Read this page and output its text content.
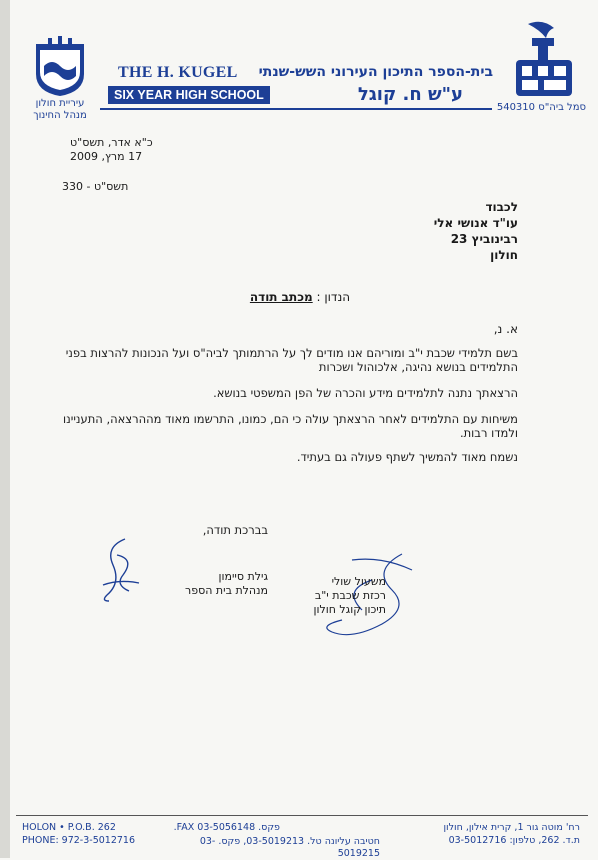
עיריית חולון
מנהל החינוך
THE H. KUGEL
SIX YEAR HIGH SCHOOL
בית-הספר התיכון העירוני השש-שנתי
ע"ש ח. קוגל
סמל ביה"ס 540310
כ"א אדר, תשס"ט
17 מרץ, 2009
תשס"ט - 330
לכבוד
עו"ד אנושי אלי
רבינוביץ 23
חולון
הנדון : מכתב תודה
א. נ,
בשם תלמידי שכבת י"ב ומוריהם אנו מודים לך על הרתמותך לביה"ס ועל הנכונות להרצות בפני התלמידים בנושא נהיגה, אלכוהול ושכרות
הרצאתך נתנה לתלמידים מידע והכרה של הפן המשפטי בנושא.
משיחות עם התלמידים לאחר הרצאתך עולה כי הם, כמונו, התרשמו מאוד מההרצאה, התעניינו ולמדו רבות.
נשמח מאוד להמשיך לשתף פעולה גם בעתיד.
בברכת תודה,
גילת סיימון
מנהלת בית הספר
משעול שולי
רכזת שכבת י"ב
תיכון קוגל חולון
HOLON • P.O.B. 262
PHONE: 972-3-5012716
פקס. 03-5056148 FAX.
חטיבה עליונה טל. 03-5019213, פקס. 03-5019215
רח' מוטה גור 1, קרית אילון, חולון
ת.ד. 262, טלפון: 03-5012716
